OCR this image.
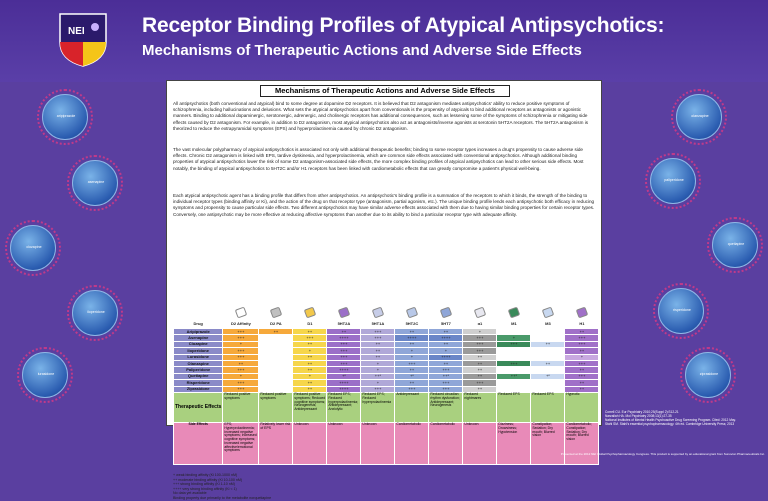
NEI	Receptor Binding Profiles of Atypical Antipsychotics:
Mechanisms of Therapeutic Actions and Adverse Side Effects
aripiprazole
asenapine
clozapine
iloperidone
lurasidone
olanzapine
paliperidone
quetiapine
risperidone
ziprasidone
Mechanisms of Therapeutic Actions and Adverse Side Effects
All antipsychotics (both conventional and atypical) bind to some degree at dopamine D2 receptors. It is believed that D2 antagonism mediates antipsychotics' ability to reduce positive symptoms of schizophrenia, including hallucinations and delusions. What sets the atypical antipsychotics apart from conventionals is the propensity of atypicals to bind additional receptors as antagonists or agonistic manners. Binding to additional dopaminergic, serotonergic, adrenergic, and cholinergic receptors has additional consequences, such as lessening some of the symptoms of schizophrenia or mitigating side effects caused by D2 antagonism. For example, in addition to D2 antagonism, most atypical antipsychotics also act as antagonists/inverse agonists at serotonin 5HT2A receptors. The 5HT2A antagonism is theorized to reduce the extrapyramidal symptoms (EPS) and hyperprolactinemia caused by chronic D2 antagonism.
The vast molecular polypharmacy of atypical antipsychotics is associated not only with additional therapeutic benefits; binding to some receptor types increases a drug's propensity to cause adverse side effects. Chronic D2 antagonism is linked with EPS, tardive dyskinesia, and hyperprolactinemia, which are common side effects associated with conventional antipsychotics. Although additional binding properties of atypical antipsychotics lower the risk of some D2 antagonism-associated side effects, the more complex binding profiles of atypical antipsychotics can lead to other serious side effects. Most notably, the binding of atypical antipsychotics to 5HT2C and/or H1 receptors has been linked with cardiometabolic effects that can greatly compromise a patient's physical well-being.
Each atypical antipsychotic agent has a binding profile that differs from other antipsychotics. An antipsychotic's binding profile is a summation of the receptors to which it binds, the strength of the binding to individual receptor types (binding affinity or Ki), and the action of the drug on that receptor type (antagonism, partial agonism, etc.). The unique binding profile lends each antipsychotic both efficacy in reducing symptoms and propensity to cause particular side effects. Two different antipsychotics may have similar adverse effects associated with them due to having similar binding properties for certain receptor types. Conversely, one antipsychotic may be more effective at reducing affective symptoms than another due to its ability to bind a particular receptor type with adequate affinity.

Drug	D2 Affinity	D2 PA	D1	5HT2A	5HT1A	5HT2C	5HT7	α1	M1	M3	H1
Aripiprazole	+++	++	++	++	+++	++	++	+			++
Asenapine	+++		+++	++++	+++	++++	++++	+++	+		+++
Clozapine	+		++	+++	++	++	++	+++	+++	++	+++
Iloperidone	+++		+	+++	++	+	+	+++			++
Lurasidone	+++		++	+++	++	+	++++	++			+
Olanzapine	++		++	+++	+	+++	++	++	+++	++	+++
Paliperidone	+++		++	++++	+	++	+++	++			++
Quetiapine	+		+	+*	++*	+*	++*	++	++*	+*	+++
Risperidone	+++		++	++++	+	++	+++	+++			++
Ziprasidone	+++		++	++++	+++	+++	+++	++			++
Therapeutic Effects	Reduced positive symptoms	Reduced positive symptoms	Reduced positive symptoms; Reduced cognitive symptoms; Neurogenesis; Antidepressant	Reduced EPS; Reduced hyperprolactinemia; Antidepressant; Anxiolytic	Reduced EPS; Reduced hyperprolactinemia	Antidepressant	Reduced circadian rhythm dysfunction; Antidepressant; Neurogenesis	Reduced nightmares	Reduced EPS	Reduced EPS	Hypnotic
Side Effects	EPS; Hyperprolactinemia; Increased negative symptoms; Increased cognitive symptoms; Increased negative affective/emotional symptoms	Relatively lower risk of EPS	Unknown	Unknown	Unknown	Cardiometabolic	Cardiometabolic	Unknown	Dizziness; Drowsiness; Hypotension	Constipation; Sedation; Dry mouth; Blurred vision	Cardiometabolic; Constipation; Sedation; Dry mouth; Blurred vision
+ weak binding affinity (Ki 100-1000 nM)
++ moderate binding affinity (Ki 10-100 nM)
+++ strong binding affinity (Ki 1-10 nM)
++++ very strong binding affinity (Ki < 1)
No data yet available
Binding property due primarily to the metabolite norquetiapine
Correll CU. Eur Psychiatry 2010;25(Suppl 2):S12-21
Nasrallah HA. Mol Psychiatry 2008;13(1):27-35
National Institutes of Mental Health Psychoactive Drug Screening Program. Cited: 2012 May.
Stahl SM. Stahl's essential psychopharmacology. 4th ed. Cambridge University Press; 2013
Presented at the 2012 NEI Global Psychopharmacology Congress. This product is supported by an educational grant from Sunovion Pharmaceuticals Inc.
